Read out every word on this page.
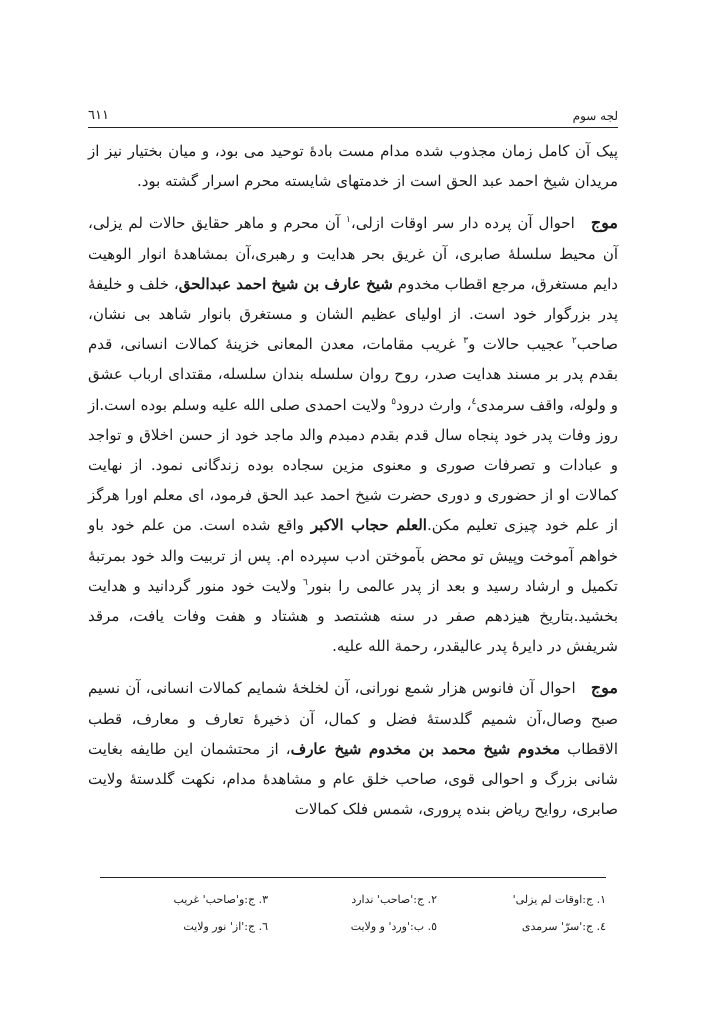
لجه سوم
٦١١

پیک آن کامل زمان مجذوب شده مدام مست بادۀ توحید می بود، و میان بختیار نیز از مریدان شیخ احمد عبد الحق است از خدمتهای شایسته محرم اسرار گشته بود.

موج احوال آن پرده دار سر اوقات ازلی،$^١$ آن محرم و ماهر حقایق حالات لم یزلی، آن محیط سلسلۀ صابری، آن غریق بحر هدایت و رهبری،آن بمشاهدۀ انوار الوهیت دایم مستغرق، مرجع اقطاب مخدوم شیخ عارف بن شیخ احمد عبدالحق، خلف و خلیفۀ پدر بزرگوار خود است. از اولیای عظیم الشان و مستغرق بانوار شاهد بی نشان، صاحب$^٢$ عجیب حالات و$^٣$ غریب مقامات، معدن المعانی خزینۀ کمالات انسانی، قدم بقدم پدر بر مسند هدایت صدر، روح روان سلسله بندان سلسله، مقتدای ارباب عشق و ولوله، واقف سرمدی$^٤$، وارث درود$^٥$ ولایت احمدی صلی الله علیه وسلم بوده است.از روز وفات پدر خود پنجاه سال قدم بقدم دمبدم والد ماجد خود از حسن اخلاق و تواجد و عبادات و تصرفات صوری و معنوی مزین سجاده بوده زندگانی نمود. از نهایت کمالات او از حضوری و دوری حضرت شیخ احمد عبد الحق فرمود، ای معلم اورا هرگز از علم خود چیزی تعلیم مکن.العلم حجاب الاکبر واقع شده است. من علم خود باو خواهم آموخت وپیش تو محض بآموختن ادب سپرده ام. پس از تربیت والد خود بمرتبۀ تکمیل و ارشاد رسید و بعد از پدر عالمی را بنور$^٦$ ولایت خود منور گردانید و هدایت بخشید.بتاریخ هیزدهم صفر در سنه هشتصد و هشتاد و هفت وفات یافت، مرقد شریفش در دایرۀ پدر عالیقدر، رحمة الله علیه.

موج احوال آن فانوس هزار شمع نورانی، آن لخلخۀ شمایم کمالات انسانی، آن نسیم صبح وصال،آن شمیم گلدستۀ فضل و کمال، آن ذخیرۀ تعارف و معارف، قطب الاقطاب مخدوم شیخ محمد بن مخدوم شیخ عارف، از محتشمان این طایفه بغایت شانی بزرگ و احوالی قوی، صاحب خلق عام و مشاهدۀ مدام، نکهت گلدستۀ ولایت صابری، روایح ریاض بنده پروری، شمس فلک کمالات

١. ج:اوقات لم یزلی'
٢. ج:'صاحب' ندارد
٣. ج:و'صاحب' غریب
٤. ج:'سرّ' سرمدی
٥. ب:'ورد' و ولایت
٦. ج:'از' نور ولایت
